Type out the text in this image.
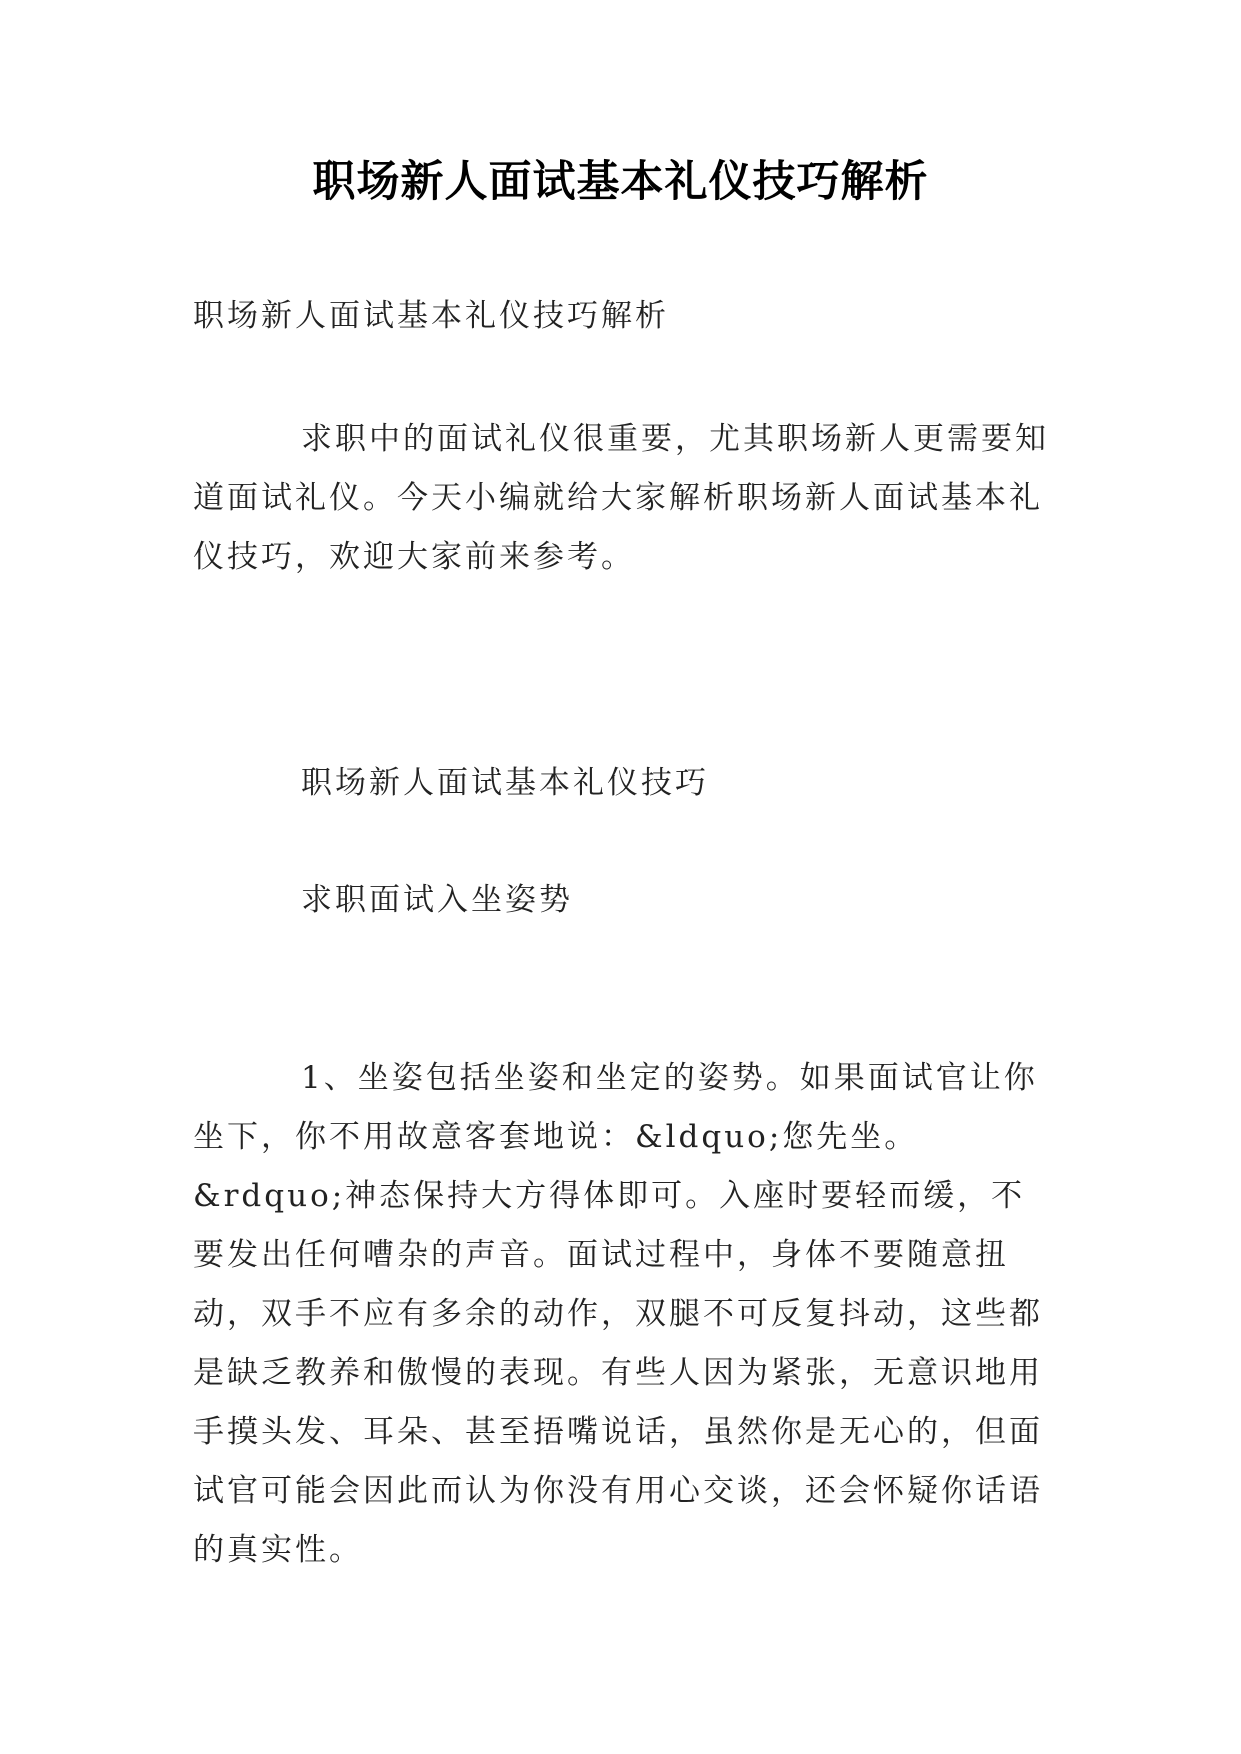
职场新人面试基本礼仪技巧解析
职场新人面试基本礼仪技巧解析
求职中的面试礼仪很重要，尤其职场新人更需要知道面试礼仪。今天小编就给大家解析职场新人面试基本礼仪技巧，欢迎大家前来参考。
职场新人面试基本礼仪技巧
求职面试入坐姿势
1、坐姿包括坐姿和坐定的姿势。如果面试官让你坐下，你不用故意客套地说：&ldquo;您先坐。&rdquo;神态保持大方得体即可。入座时要轻而缓，不要发出任何嘈杂的声音。面试过程中，身体不要随意扭动，双手不应有多余的动作，双腿不可反复抖动，这些都是缺乏教养和傲慢的表现。有些人因为紧张，无意识地用手摸头发、耳朵、甚至捂嘴说话，虽然你是无心的，但面试官可能会因此而认为你没有用心交谈，还会怀疑你话语的真实性。
